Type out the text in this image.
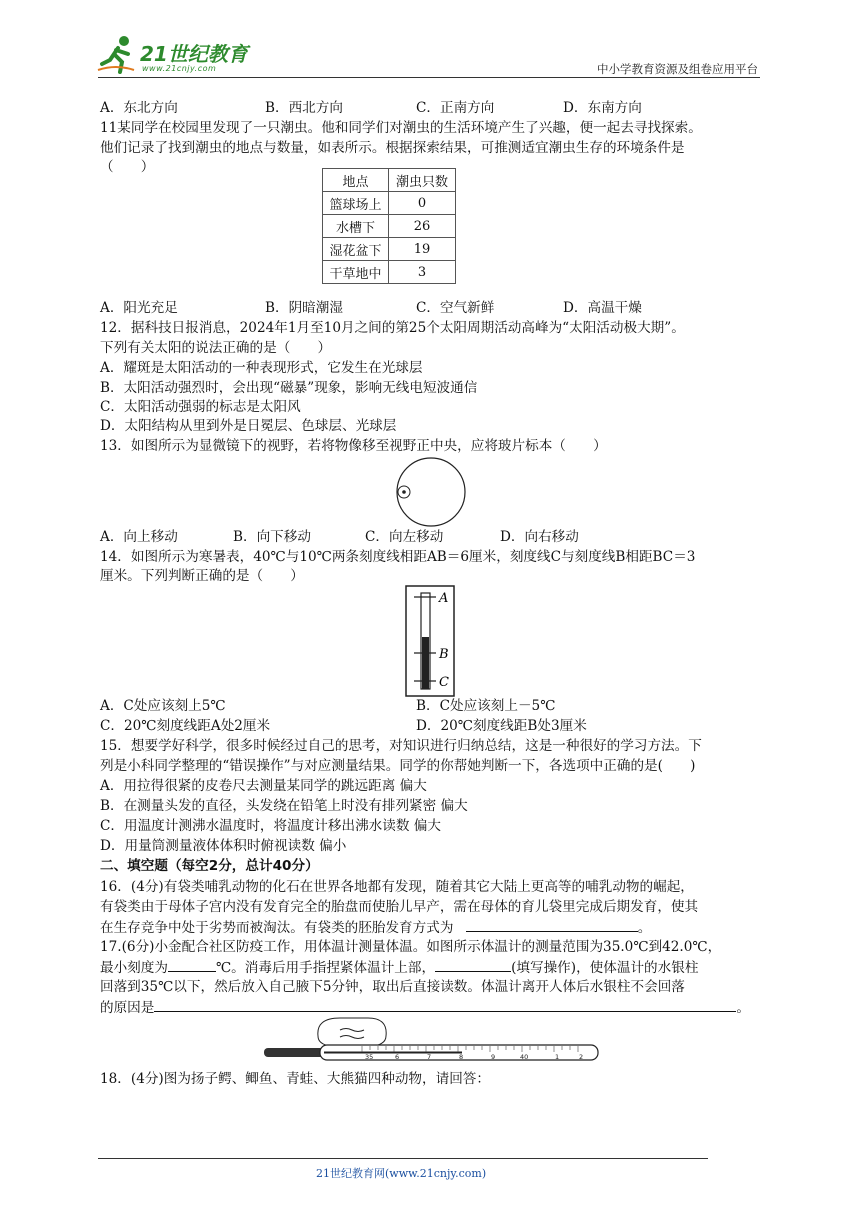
21世纪教育
www.21cnjy.com	中小学教育资源及组卷应用平台
A．东北方向	B．西北方向	C．正南方向	D．东南方向
11某同学在校园里发现了一只潮虫。他和同学们对潮虫的生活环境产生了兴趣，便一起去寻找探索。
他们记录了找到潮虫的地点与数量，如表所示。根据探索结果，可推测适宜潮虫生存的环境条件是
（　　）
地点	潮虫只数
篮球场上	0
水槽下	26
湿花盆下	19
干草地中	3
A．阳光充足	B．阴暗潮湿	C．空气新鲜	D．高温干燥
12．据科技日报消息，2024年1月至10月之间的第25个太阳周期活动高峰为“太阳活动极大期”。
下列有关太阳的说法正确的是（　　）
A．耀斑是太阳活动的一种表现形式，它发生在光球层
B．太阳活动强烈时，会出现“磁暴”现象，影响无线电短波通信
C．太阳活动强弱的标志是太阳风
D．太阳结构从里到外是日冕层、色球层、光球层
13．如图所示为显微镜下的视野，若将物像移至视野正中央，应将玻片标本（　　）
A．向上移动	B．向下移动	C．向左移动	D．向右移动
14．如图所示为寒暑表，40℃与10℃两条刻度线相距AB＝6厘米，刻度线C与刻度线B相距BC＝3
厘米。下列判断正确的是（　　）
A
B
C
A．C处应该刻上5℃	B．C处应该刻上－5℃
C．20℃刻度线距A处2厘米	D．20℃刻度线距B处3厘米
15．想要学好科学，很多时候经过自己的思考，对知识进行归纳总结，这是一种很好的学习方法。下
列是小科同学整理的“错误操作”与对应测量结果。同学的你帮她判断一下，各选项中正确的是(　　)
A．用拉得很紧的皮卷尺去测量某同学的跳远距离 偏大
B．在测量头发的直径，头发绕在铅笔上时没有排列紧密 偏大
C．用温度计测沸水温度时，将温度计移出沸水读数 偏大
D．用量筒测量液体体积时俯视读数 偏小
二、填空题（每空2分，总计40分）
16．(4分)有袋类哺乳动物的化石在世界各地都有发现，随着其它大陆上更高等的哺乳动物的崛起，
有袋类由于母体子宫内没有发育完全的胎盘而使胎儿早产，需在母体的育儿袋里完成后期发育，使其
在生存竞争中处于劣势而被淘汰。有袋类的胚胎发育方式为	。
17.(6分)小金配合社区防疫工作，用体温计测量体温。如图所示体温计的测量范围为35.0℃到42.0℃，
最小刻度为	℃。消毒后用手指捏紧体温计上部，	(填写操作)，使体温计的水银柱
回落到35℃以下，然后放入自己腋下5分钟，取出后直接读数。体温计离开人体后水银柱不会回落
的原因是	。
35	6	7	8	9	40	1	2
18．(4分)图为扬子鳄、鲫鱼、青蛙、大熊猫四种动物，请回答：
21世纪教育网(www.21cnjy.com)
